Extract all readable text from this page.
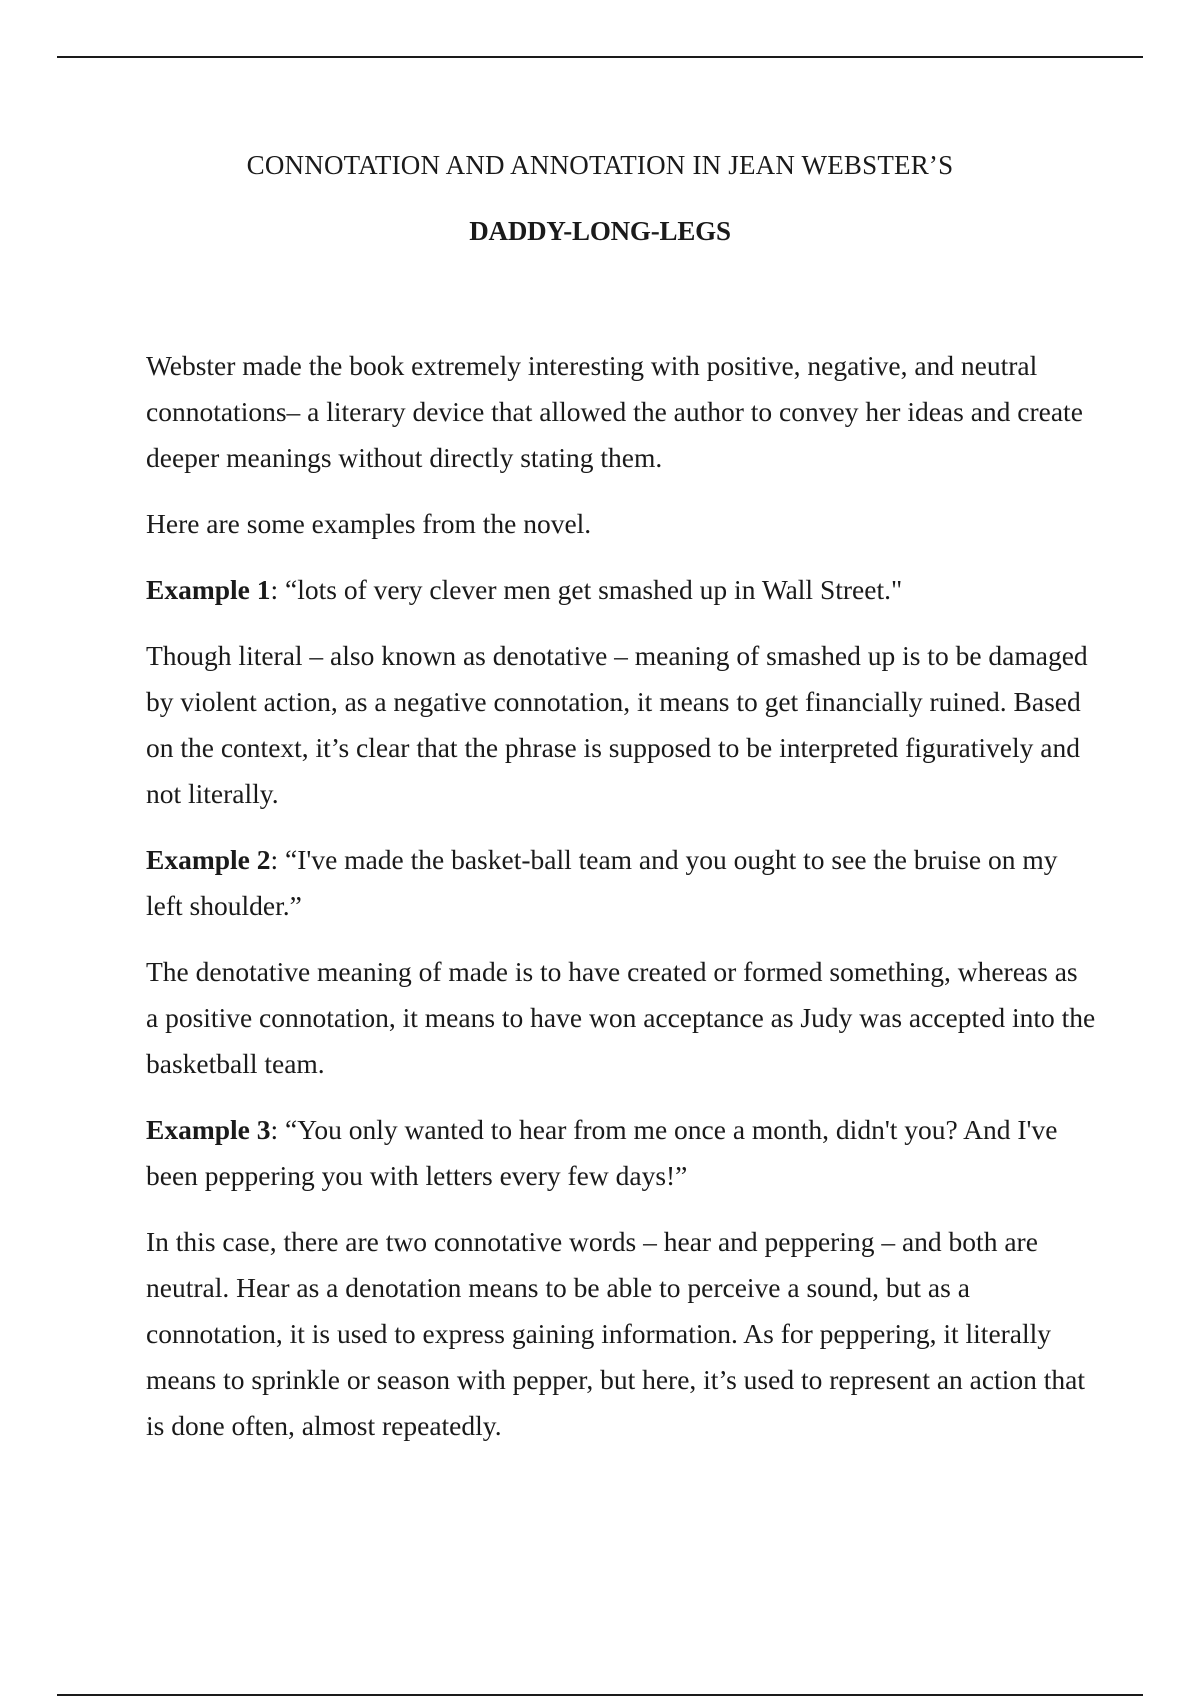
CONNOTATION AND ANNOTATION IN JEAN WEBSTER’S
DADDY-LONG-LEGS

Webster made the book extremely interesting with positive, negative, and neutral connotations– a literary device that allowed the author to convey her ideas and create deeper meanings without directly stating them.

Here are some examples from the novel.

Example 1: “lots of very clever men get smashed up in Wall Street."

Though literal – also known as denotative – meaning of smashed up is to be damaged by violent action, as a negative connotation, it means to get financially ruined. Based on the context, it’s clear that the phrase is supposed to be interpreted figuratively and not literally.

Example 2: “I've made the basket-ball team and you ought to see the bruise on my left shoulder.”

The denotative meaning of made is to have created or formed something, whereas as a positive connotation, it means to have won acceptance as Judy was accepted into the basketball team.

Example 3: “You only wanted to hear from me once a month, didn't you? And I've been peppering you with letters every few days!”

In this case, there are two connotative words – hear and peppering – and both are neutral. Hear as a denotation means to be able to perceive a sound, but as a connotation, it is used to express gaining information. As for peppering, it literally means to sprinkle or season with pepper, but here, it’s used to represent an action that is done often, almost repeatedly.
